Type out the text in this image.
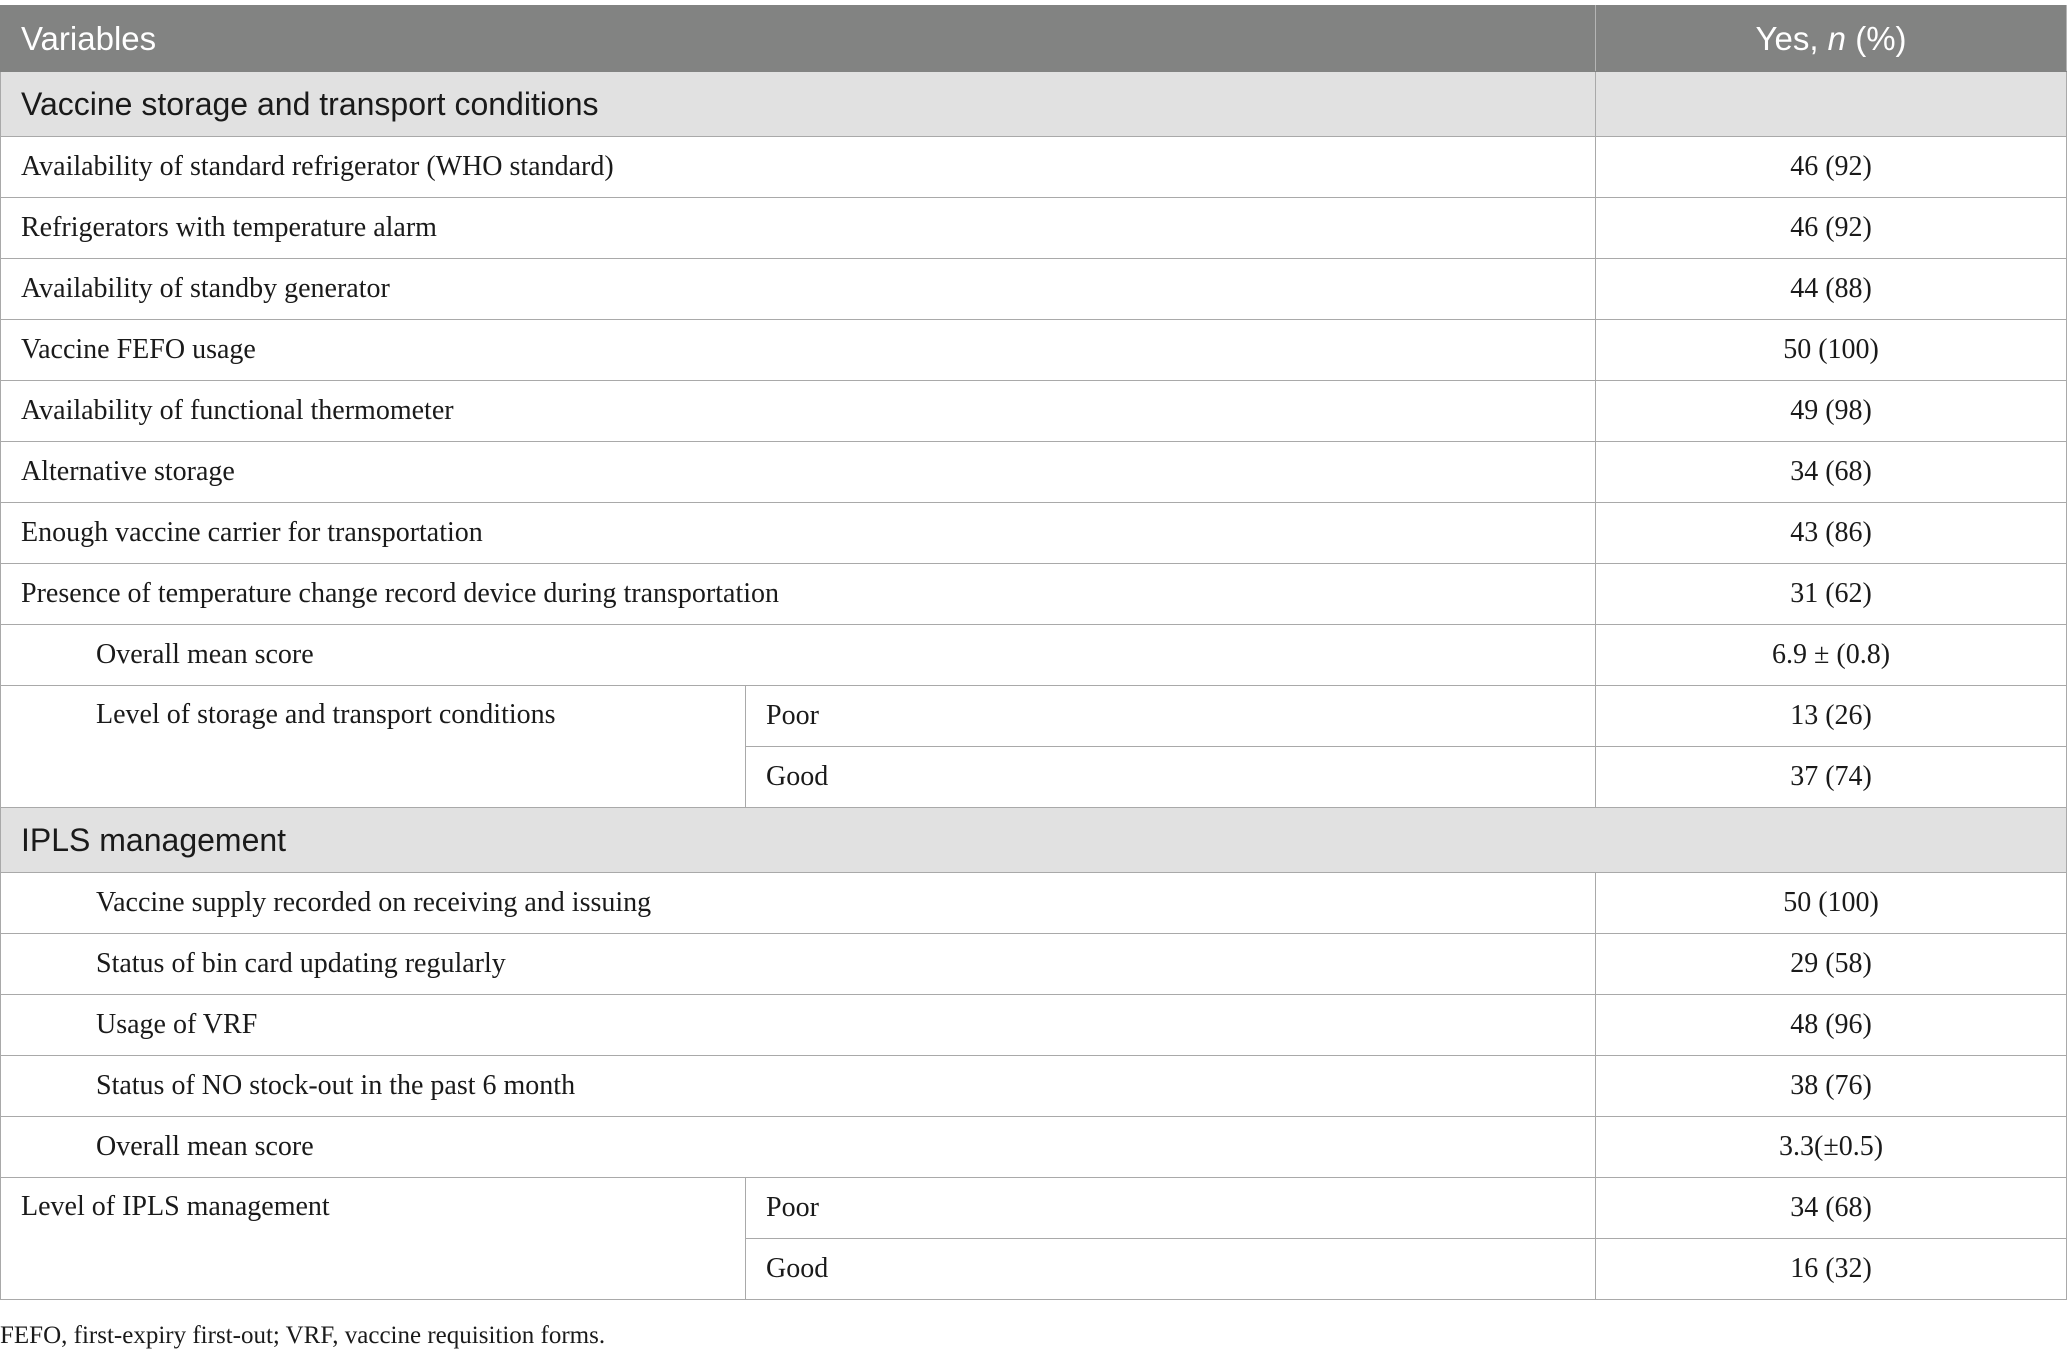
Variables		Yes, n (%)
Vaccine storage and transport conditions		
Availability of standard refrigerator (WHO standard)		46 (92)
Refrigerators with temperature alarm		46 (92)
Availability of standby generator		44 (88)
Vaccine FEFO usage		50 (100)
Availability of functional thermometer		49 (98)
Alternative storage		34 (68)
Enough vaccine carrier for transportation		43 (86)
Presence of temperature change record device during transportation		31 (62)
Overall mean score		6.9 ± (0.8)
Level of storage and transport conditions	Poor	13 (26)
	Good	37 (74)
IPLS management		
Vaccine supply recorded on receiving and issuing		50 (100)
Status of bin card updating regularly		29 (58)
Usage of VRF		48 (96)
Status of NO stock-out in the past 6 month		38 (76)
Overall mean score		3.3(±0.5)
Level of IPLS management	Poor	34 (68)
	Good	16 (32)
FEFO, first-expiry first-out; VRF, vaccine requisition forms.
